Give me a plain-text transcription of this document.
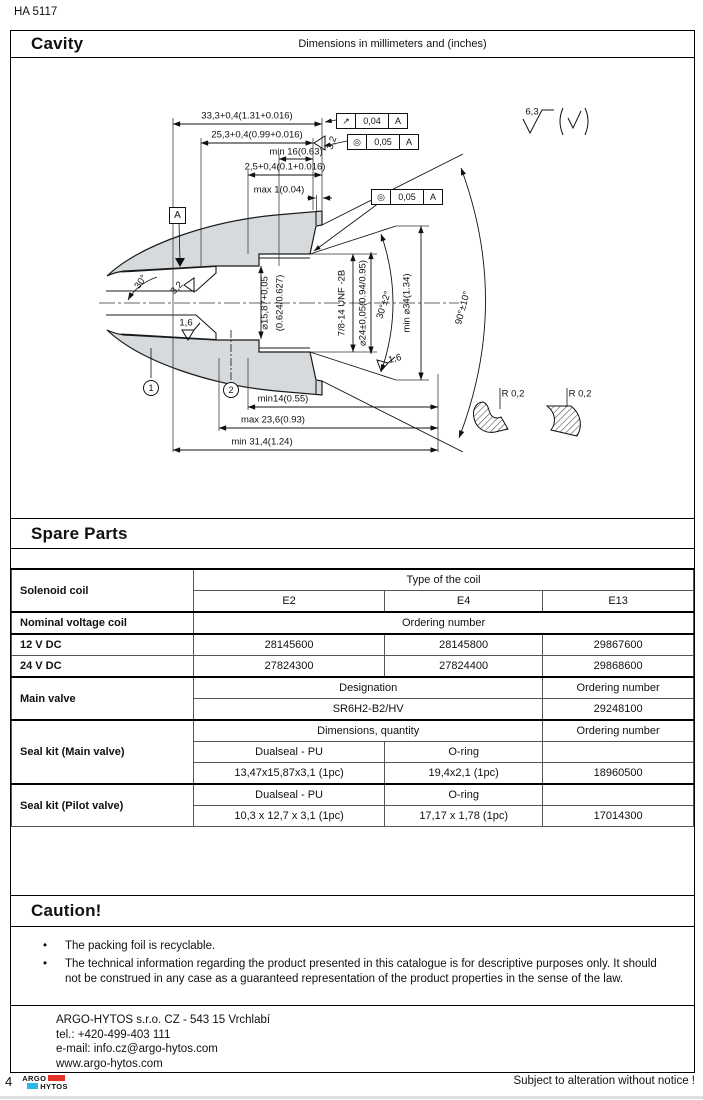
HA 5117
Cavity	Dimensions in millimeters and (inches)
33,3+0,4(1.31+0.016)
25,3+0,4(0.99+0.016)
min 16(0.63)
2,5+0,4(0.1+0.016)
max 1(0.04)
min14(0.55)
max 23,6(0.93)
min 31,4(1.24)
R 0,2	R 0,2
6,3
1,6	⌀15,87+0,05 (0.624/0.627)	7/8-14 UNF -2B ⌀24±0,05(0.94/0.95)	min ⌀34(1.34)
30°±2°	90°±10°
30°
3,2
3,2
1,6
A
1	2
↗	0,04	A
◎	0,05	A
◎	0,05	A
Spare Parts
Solenoid coil	Type of the coil		
	E2	E4	E13
Nominal voltage coil	Ordering number		
12 V DC	28145600	28145800	29867600
24 V DC	27824300	27824400	29868600
Main valve	Designation		Ordering number
	SR6H2-B2/HV		29248100
Seal kit (Main valve)	Dimensions, quantity		Ordering number
	Dualseal - PU	O-ring	
	13,47x15,87x3,1 (1pc)	19,4x2,1 (1pc)	18960500
Seal kit (Pilot valve)	Dualseal - PU	O-ring	
	10,3 x 12,7 x 3,1 (1pc)	17,17 x 1,78 (1pc)	17014300
Caution!
•
The packing foil is recyclable.
•
The technical information regarding the product presented in this catalogue is for descriptive purposes only. It should not be construed in any case as a guaranteed representation of the product properties in the sense of the law.
ARGO-HYTOS s.r.o. CZ - 543 15 Vrchlabí
tel.: +420-499-403 111
e-mail: info.cz@argo-hytos.com
www.argo-hytos.com
4 ARGO
HYTOS	Subject to alteration without notice !
